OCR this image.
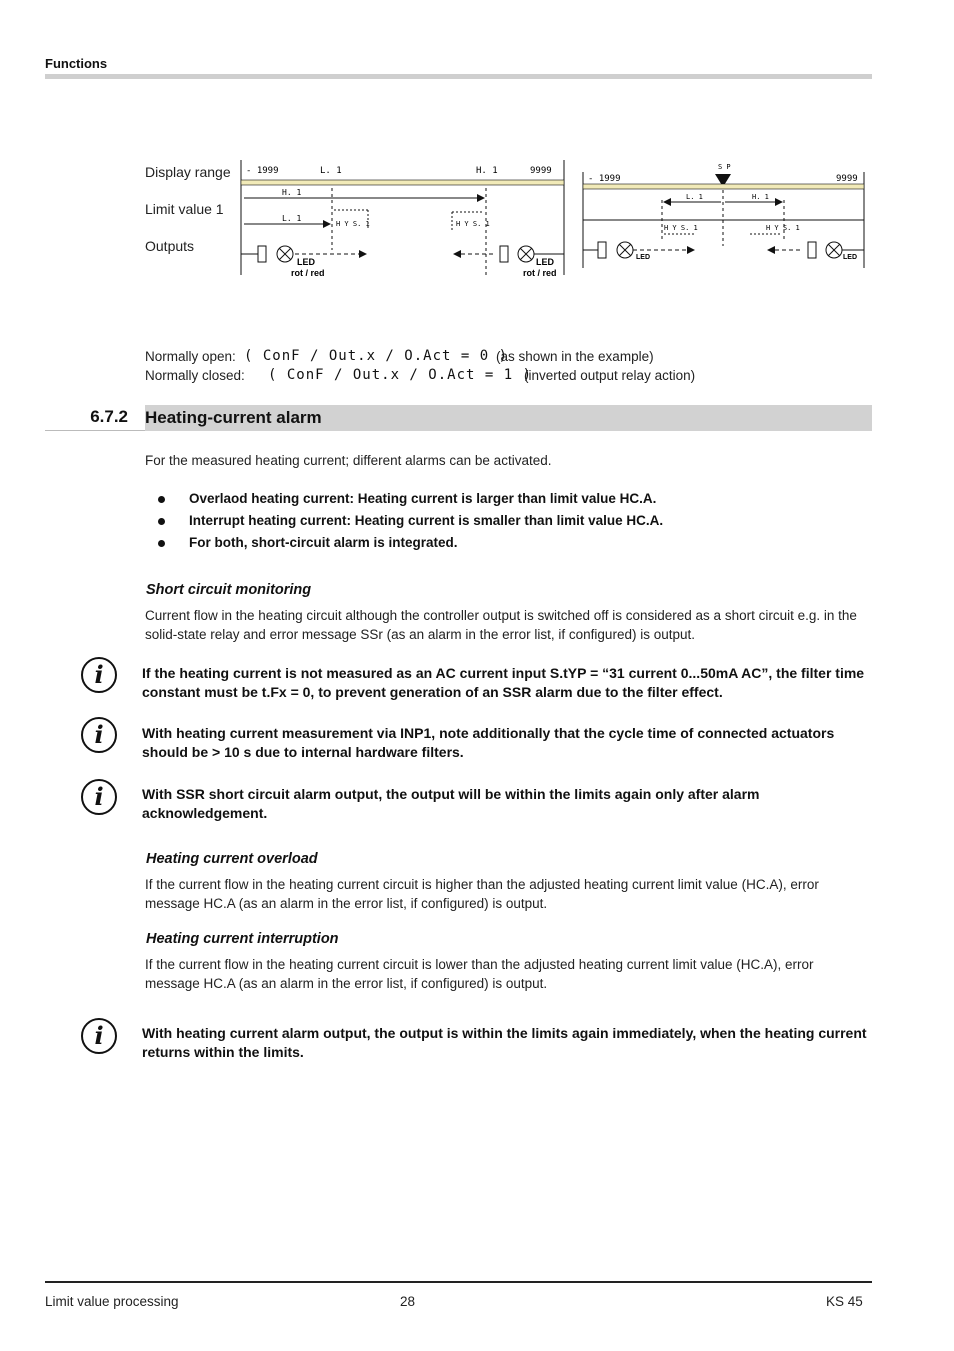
Functions
Display range
Limit value 1
Outputs
- 1999	L. 1	H. 1	9999
H. 1
L. 1
H Y S. 1	H Y S. 1
LED
rot / red
LED
rot / red
S P
- 1999	9999
L. 1	H. 1
H Y S. 1	H Y S. 1
LED	LED
Normally open: ( ConF / Out.x / O.Act = 0 )
(as shown in the example)
Normally closed: ( ConF / Out.x / O.Act = 1 )
(inverted output relay action)
6.7.2 Heating-current alarm
For the measured heating current; different alarms can be activated.
Overlaod heating current: Heating current is larger than limit value HC.A.
Interrupt heating current: Heating current is smaller than limit value HC.A.
For both, short-circuit alarm is integrated.
Short circuit monitoring
Current flow in the heating circuit although the controller output is switched off is considered as a short circuit e.g. in the solid-state relay and error message SSr (as an alarm in the error list, if configured) is output.
i	If the heating current is not measured as an AC current input S.tYP = “31 current 0...50mA AC”, the filter time constant must be t.Fx = 0, to prevent generation of an SSR alarm due to the filter effect.
i	With heating current measurement via INP1, note additionally that the cycle time of connected actuators should be > 10 s due to internal hardware filters.
i	With SSR short circuit alarm output, the output will be within the limits again only after alarm acknowledgement.
Heating current overload
If the current flow in the heating current circuit is higher than the adjusted heating current limit value (HC.A), error message HC.A (as an alarm in the error list, if configured) is output.
Heating current interruption
If the current flow in the heating current circuit is lower than the adjusted heating current limit value (HC.A), error message HC.A (as an alarm in the error list, if configured) is output.
i	With heating current alarm output, the output is within the limits again immediately, when the heating current returns within the limits.
Limit value processing	28	KS 45
